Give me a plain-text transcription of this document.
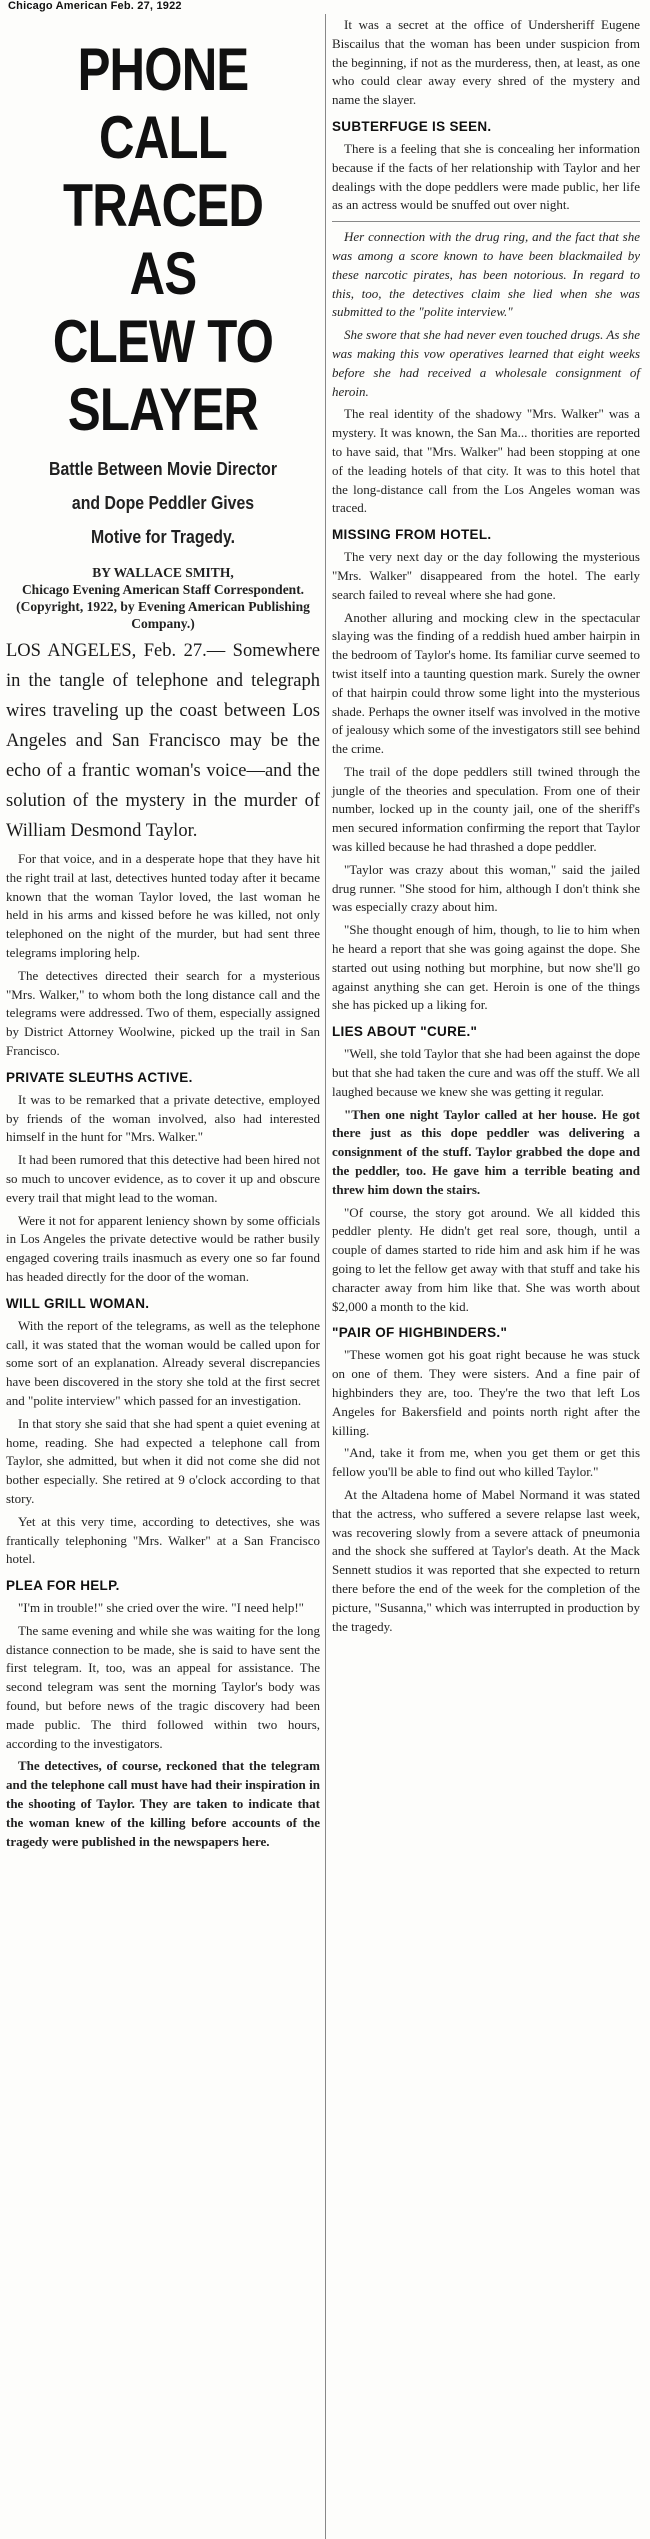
Chicago American Feb. 27, 1922
PHONE CALL
TRACED AS
CLEW TO
SLAYER
Battle Between Movie Director
and Dope Peddler Gives
Motive for Tragedy.
BY WALLACE SMITH,
Chicago Evening American Staff Correspondent.
(Copyright, 1922, by Evening American Publishing Company.)
LOS ANGELES, Feb. 27.— Somewhere in the tangle of telephone and telegraph wires traveling up the coast between Los Angeles and San Francisco may be the echo of a frantic woman's voice—and the solution of the mystery in the murder of William Desmond Taylor.

For that voice, and in a desperate hope that they have hit the right trail at last, detectives hunted today after it became known that the woman Taylor loved, the last woman he held in his arms and kissed before he was killed, not only telephoned on the night of the murder, but had sent three telegrams imploring help.

The detectives directed their search for a mysterious "Mrs. Walker," to whom both the long distance call and the telegrams were addressed. Two of them, especially assigned by District Attorney Woolwine, picked up the trail in San Francisco.

PRIVATE SLEUTHS ACTIVE.

It was to be remarked that a private detective, employed by friends of the woman involved, also had interested himself in the hunt for "Mrs. Walker."

It had been rumored that this detective had been hired not so much to uncover evidence, as to cover it up and obscure every trail that might lead to the woman.

Were it not for apparent leniency shown by some officials in Los Angeles the private detective would be rather busily engaged covering trails inasmuch as every one so far found has headed directly for the door of the woman.

WILL GRILL WOMAN.

With the report of the telegrams, as well as the telephone call, it was stated that the woman would be called upon for some sort of an explanation. Already several discrepancies have been discovered in the story she told at the first secret and "polite interview" which passed for an investigation.

In that story she said that she had spent a quiet evening at home, reading. She had expected a telephone call from Taylor, she admitted, but when it did not come she did not bother especially. She retired at 9 o'clock according to that story.

Yet at this very time, according to detectives, she was frantically telephoning "Mrs. Walker" at a San Francisco hotel.

PLEA FOR HELP.

"I'm in trouble!" she cried over the wire. "I need help!"

The same evening and while she was waiting for the long distance connection to be made, she is said to have sent the first telegram. It, too, was an appeal for assistance. The second telegram was sent the morning Taylor's body was found, but before news of the tragic discovery had been made public. The third followed within two hours, according to the investigators.

The detectives, of course, reckoned that the telegram and the telephone call must have had their inspiration in the shooting of Taylor. They are taken to indicate that the woman knew of the killing before accounts of the tragedy were published in the newspapers here.

It was a secret at the office of Undersheriff Eugene Biscailus that the woman has been under suspicion from the beginning, if not as the murderess, then, at least, as one who could clear away every shred of the mystery and name the slayer.

SUBTERFUGE IS SEEN.

There is a feeling that she is concealing her information because if the facts of her relationship with Taylor and her dealings with the dope peddlers were made public, her life as an actress would be snuffed out over night.

Her connection with the drug ring, and the fact that she was among a score known to have been blackmailed by these narcotic pirates, has been notorious. In regard to this, too, the detectives claim she lied when she was submitted to the "polite interview."

She swore that she had never even touched drugs. As she was making this vow operatives learned that eight weeks before she had received a wholesale consignment of heroin.

The real identity of the shadowy "Mrs. Walker" was a mystery. It was known, the San Ma... thorities are reported to have said, that "Mrs. Walker" had been stopping at one of the leading hotels of that city. It was to this hotel that the long-distance call from the Los Angeles woman was traced.

MISSING FROM HOTEL.

The very next day or the day following the mysterious "Mrs. Walker" disappeared from the hotel. The early search failed to reveal where she had gone.

Another alluring and mocking clew in the spectacular slaying was the finding of a reddish hued amber hairpin in the bedroom of Taylor's home. Its familiar curve seemed to twist itself into a taunting question mark. Surely the owner of that hairpin could throw some light into the mysterious shade. Perhaps the owner itself was involved in the motive of jealousy which some of the investigators still see behind the crime.

The trail of the dope peddlers still twined through the jungle of the theories and speculation. From one of their number, locked up in the county jail, one of the sheriff's men secured information confirming the report that Taylor was killed because he had thrashed a dope peddler.

"Taylor was crazy about this woman," said the jailed drug runner. "She stood for him, although I don't think she was especially crazy about him.

"She thought enough of him, though, to lie to him when he heard a report that she was going against the dope. She started out using nothing but morphine, but now she'll go against anything she can get. Heroin is one of the things she has picked up a liking for.

LIES ABOUT "CURE."

"Well, she told Taylor that she had been against the dope but that she had taken the cure and was off the stuff. We all laughed because we knew she was getting it regular.

"Then one night Taylor called at her house. He got there just as this dope peddler was delivering a consignment of the stuff. Taylor grabbed the dope and the peddler, too. He gave him a terrible beating and threw him down the stairs.

"Of course, the story got around. We all kidded this peddler plenty. He didn't get real sore, though, until a couple of dames started to ride him and ask him if he was going to let the fellow get away with that stuff and take his character away from him like that. She was worth about $2,000 a month to the kid.

"PAIR OF HIGHBINDERS."

"These women got his goat right because he was stuck on one of them. They were sisters. And a fine pair of highbinders they are, too. They're the two that left Los Angeles for Bakersfield and points north right after the killing.

"And, take it from me, when you get them or get this fellow you'll be able to find out who killed Taylor."

At the Altadena home of Mabel Normand it was stated that the actress, who suffered a severe relapse last week, was recovering slowly from a severe attack of pneumonia and the shock she suffered at Taylor's death. At the Mack Sennett studios it was reported that she expected to return there before the end of the week for the completion of the picture, "Susanna," which was interrupted in production by the tragedy.
